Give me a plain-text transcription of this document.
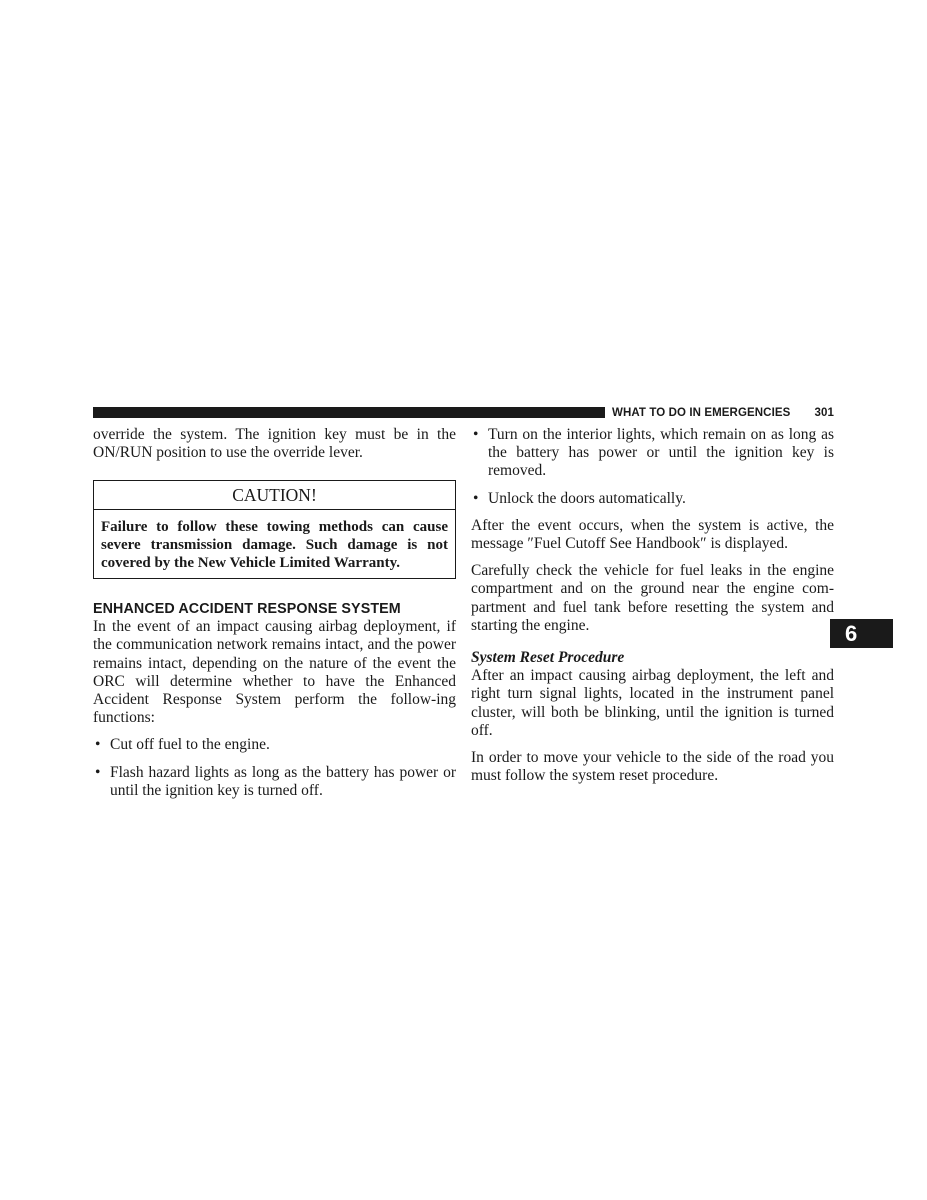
WHAT TO DO IN EMERGENCIES 301

override the system. The ignition key must be in the ON/RUN position to use the override lever.

CAUTION!
Failure to follow these towing methods can cause severe transmission damage. Such damage is not covered by the New Vehicle Limited Warranty.
ENHANCED ACCIDENT RESPONSE SYSTEM

In the event of an impact causing airbag deployment, if the communication network remains intact, and the power remains intact, depending on the nature of the event the ORC will determine whether to have the Enhanced Accident Response System perform the follow-ing functions:

• Cut off fuel to the engine.
• Flash hazard lights as long as the battery has power or until the ignition key is turned off.
• Turn on the interior lights, which remain on as long as the battery has power or until the ignition key is removed.
• Unlock the doors automatically.

After the event occurs, when the system is active, the message ″Fuel Cutoff See Handbook″ is displayed.

Carefully check the vehicle for fuel leaks in the engine compartment and on the ground near the engine com-partment and fuel tank before resetting the system and starting the engine.

System Reset Procedure

After an impact causing airbag deployment, the left and right turn signal lights, located in the instrument panel cluster, will both be blinking, until the ignition is turned off.

In order to move your vehicle to the side of the road you must follow the system reset procedure.

6
